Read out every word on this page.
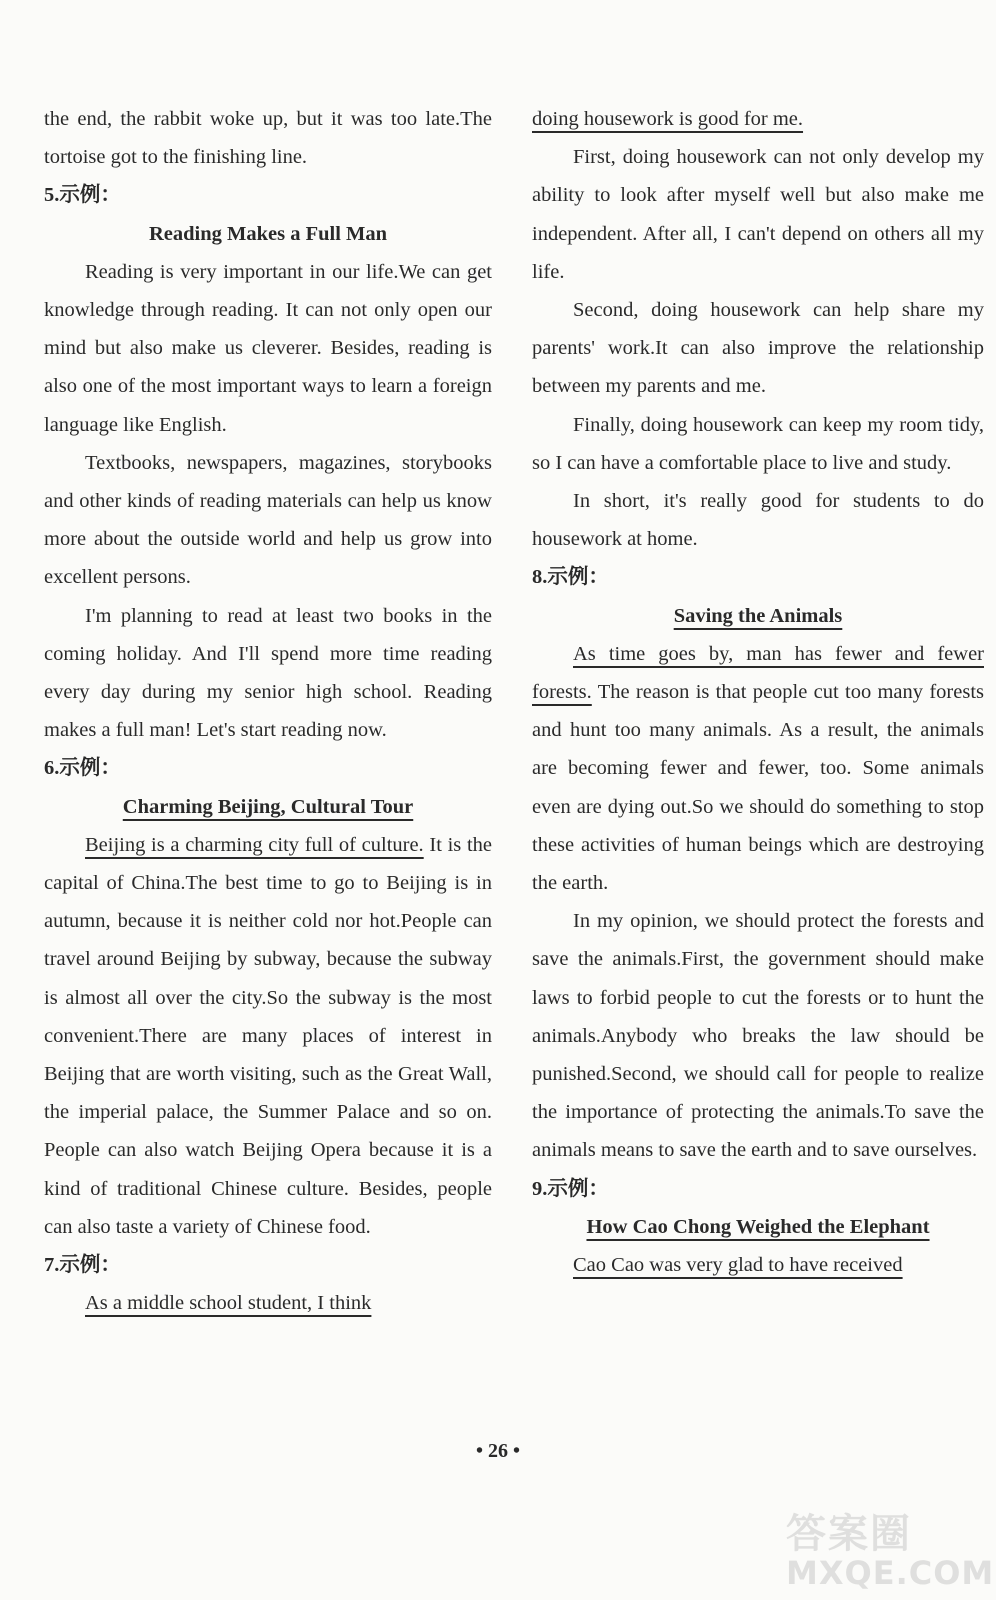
the end, the rabbit woke up, but it was too late.The tortoise got to the finishing line.

5.示例：

Reading Makes a Full Man

Reading is very important in our life.We can get knowledge through reading. It can not only open our mind but also make us cleverer. Besides, reading is also one of the most important ways to learn a foreign language like English.

Textbooks, newspapers, magazines, storybooks and other kinds of reading materials can help us know more about the outside world and help us grow into excellent persons.

I'm planning to read at least two books in the coming holiday. And I'll spend more time reading every day during my senior high school. Reading makes a full man! Let's start reading now.

6.示例：

Charming Beijing, Cultural Tour

Beijing is a charming city full of culture. It is the capital of China.The best time to go to Beijing is in autumn, because it is neither cold nor hot.People can travel around Beijing by subway, because the subway is almost all over the city.So the subway is the most convenient.There are many places of interest in Beijing that are worth visiting, such as the Great Wall, the imperial palace, the Summer Palace and so on. People can also watch Beijing Opera because it is a kind of traditional Chinese culture. Besides, people can also taste a variety of Chinese food.

7.示例：

As a middle school student, I think

doing housework is good for me.

First, doing housework can not only develop my ability to look after myself well but also make me independent. After all, I can't depend on others all my life.

Second, doing housework can help share my parents' work.It can also improve the relationship between my parents and me.

Finally, doing housework can keep my room tidy, so I can have a comfortable place to live and study.

In short, it's really good for students to do housework at home.

8.示例：

Saving the Animals

As time goes by, man has fewer and fewer forests. The reason is that people cut too many forests and hunt too many animals. As a result, the animals are becoming fewer and fewer, too. Some animals even are dying out.So we should do something to stop these activities of human beings which are destroying the earth.

In my opinion, we should protect the forests and save the animals.First, the government should make laws to forbid people to cut the forests or to hunt the animals.Anybody who breaks the law should be punished.Second, we should call for people to realize the importance of protecting the animals.To save the animals means to save the earth and to save ourselves.

9.示例：

How Cao Chong Weighed the Elephant

Cao Cao was very glad to have received

• 26 •
答案圈
MXQE.COM
